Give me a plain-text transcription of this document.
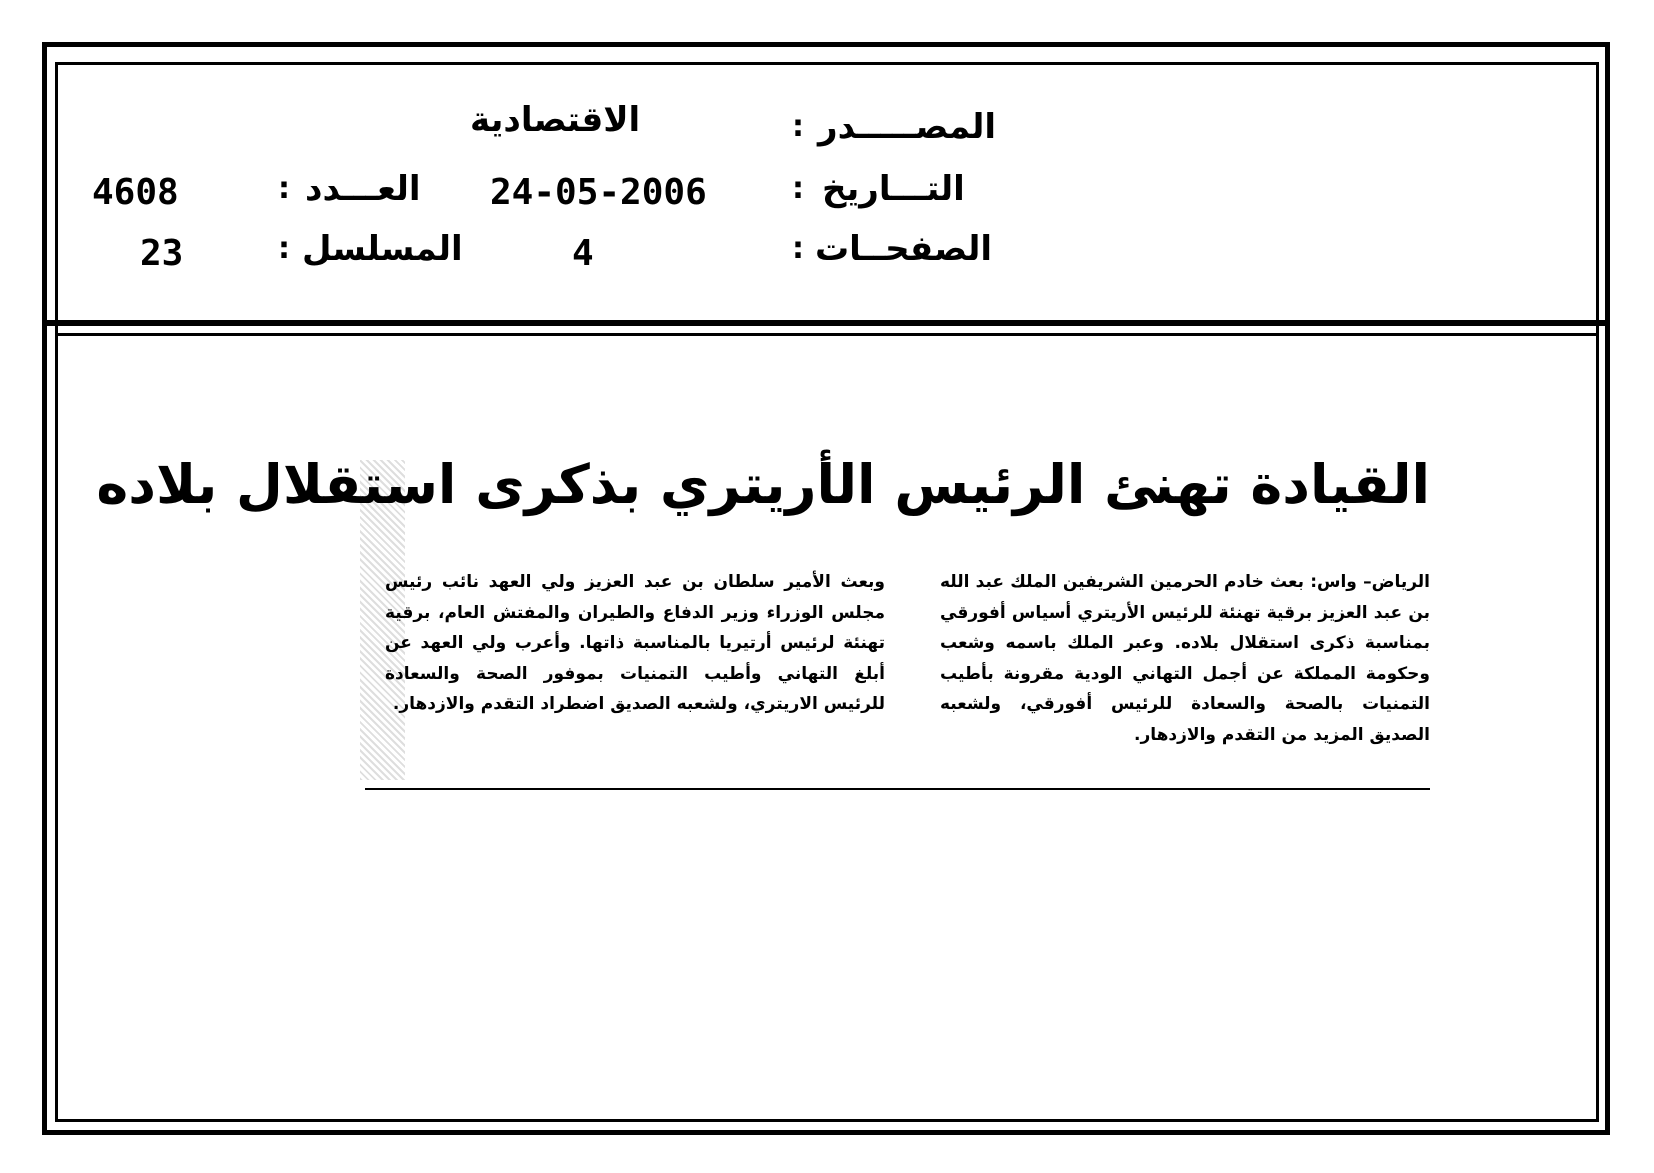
المصـــــدر
:
الاقتصادية
التـــاريخ
:
24-05-2006
العـــدد
:
4608
الصفحــات
:
4
المسلسل
:
23
القيادة تهنئ الرئيس الأريتري بذكرى استقلال بلاده
الرياض– واس: بعث خادم الحرمين الشريفين الملك عبد الله بن عبد العزيز برقية تهنئة للرئيس الأريتري أسياس أفورقي بمناسبة ذكرى استقلال بلاده. وعبر الملك باسمه وشعب وحكومة المملكة عن أجمل التهاني الودية مقرونة بأطيب التمنيات بالصحة والسعادة للرئيس أفورقي، ولشعبه الصديق المزيد من التقدم والازدهار.
وبعث الأمير سلطان بن عبد العزيز ولي العهد نائب رئيس مجلس الوزراء وزير الدفاع والطيران والمفتش العام، برقية تهنئة لرئيس أرتيريا بالمناسبة ذاتها. وأعرب ولي العهد عن أبلغ التهاني وأطيب التمنيات بموفور الصحة والسعادة للرئيس الاريتري، ولشعبه الصديق اضطراد التقدم والازدهار.
